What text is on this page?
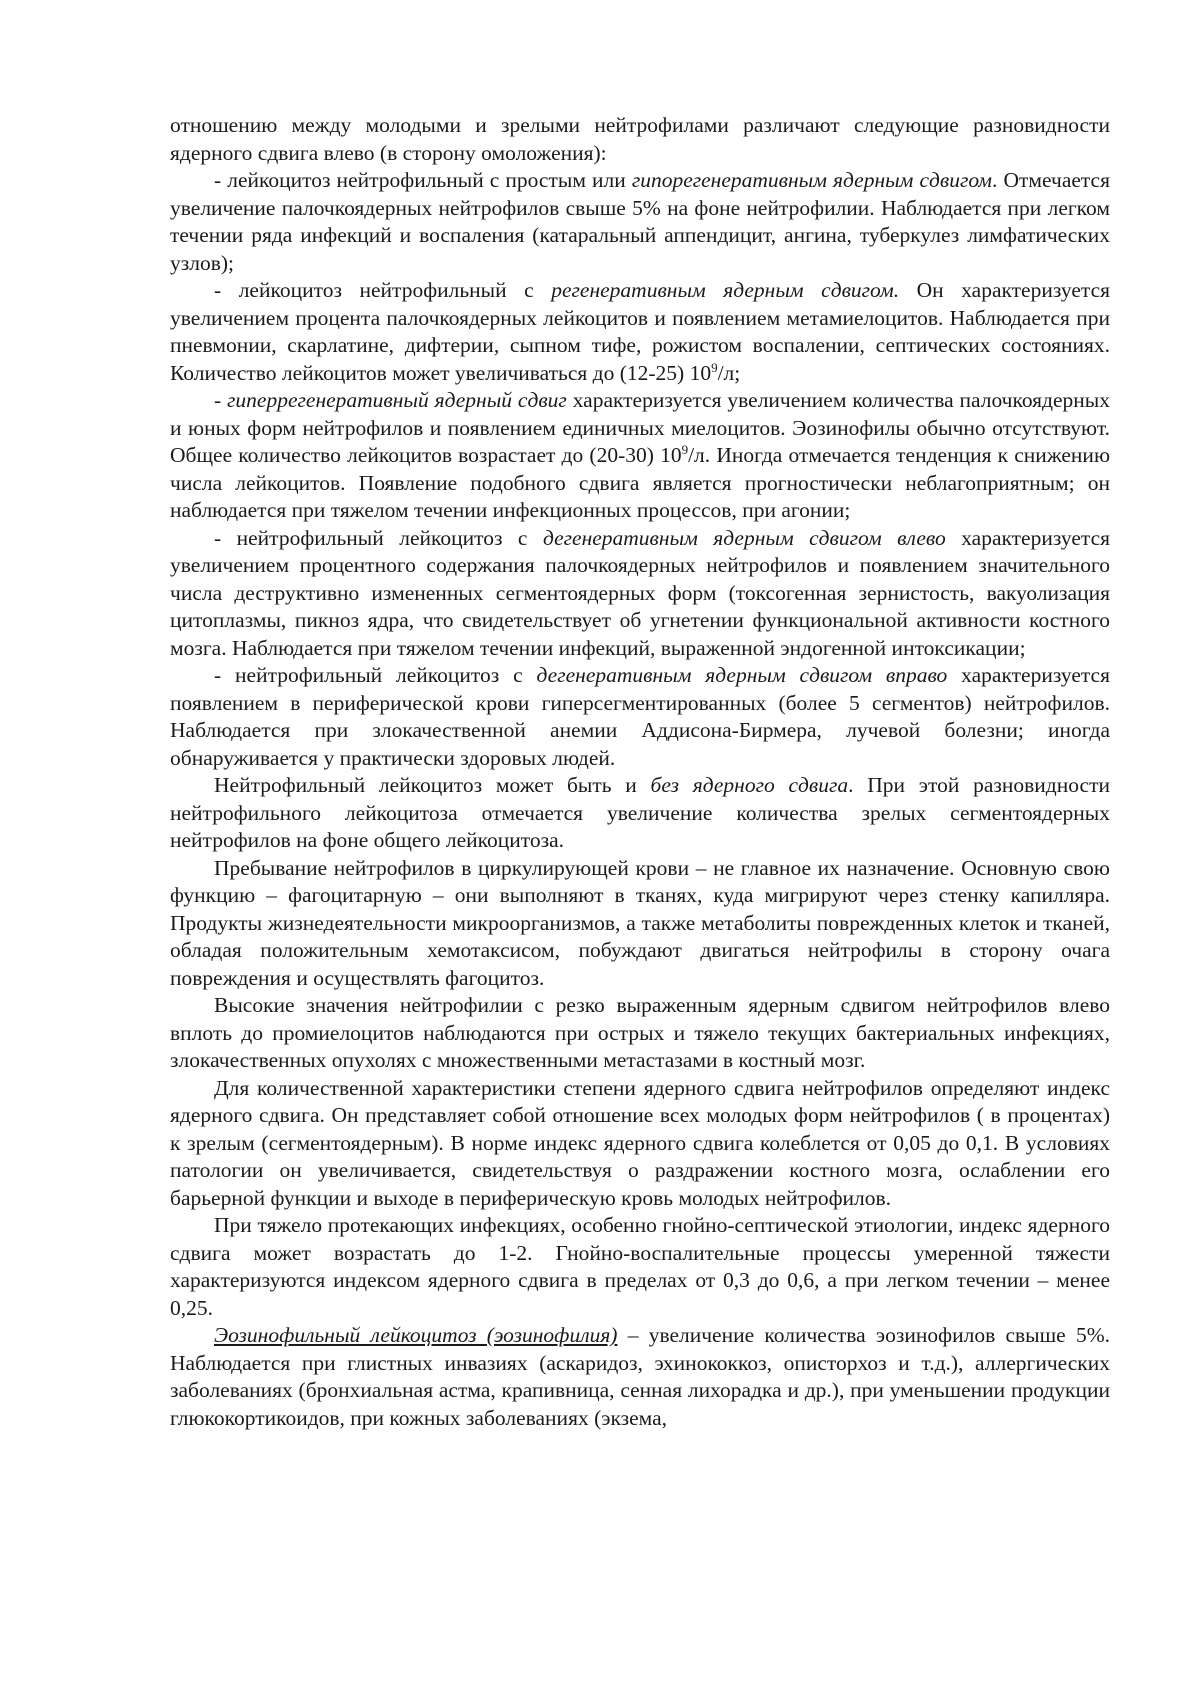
отношению между молодыми и зрелыми нейтрофилами различают следующие разновидности ядерного сдвига влево (в сторону омоложения):

- лейкоцитоз нейтрофильный с простым или гипорегенеративным ядерным сдвигом. Отмечается увеличение палочкоядерных нейтрофилов свыше 5% на фоне нейтрофилии. Наблюдается при легком течении ряда инфекций и воспаления (катаральный аппендицит, ангина, туберкулез лимфатических узлов);

- лейкоцитоз нейтрофильный с регенеративным ядерным сдвигом. Он характеризуется увеличением процента палочкоядерных лейкоцитов и появлением метамиелоцитов. Наблюдается при пневмонии, скарлатине, дифтерии, сыпном тифе, рожистом воспалении, септических состояниях. Количество лейкоцитов может увеличиваться до (12-25) $10^9/л$;

- гиперрегенеративный ядерный сдвиг характеризуется увеличением количества палочкоядерных и юных форм нейтрофилов и появлением единичных миелоцитов. Эозинофилы обычно отсутствуют. Общее количество лейкоцитов возрастает до (20-30) $10^9/л$. Иногда отмечается тенденция к снижению числа лейкоцитов. Появление подобного сдвига является прогностически неблагоприятным; он наблюдается при тяжелом течении инфекционных процессов, при агонии;

- нейтрофильный лейкоцитоз с дегенеративным ядерным сдвигом влево характеризуется увеличением процентного содержания палочкоядерных нейтрофилов и появлением значительного числа деструктивно измененных сегментоядерных форм (токсогенная зернистость, вакуолизация цитоплазмы, пикноз ядра, что свидетельствует об угнетении функциональной активности костного мозга. Наблюдается при тяжелом течении инфекций, выраженной эндогенной интоксикации;

- нейтрофильный лейкоцитоз с дегенеративным ядерным сдвигом вправо характеризуется появлением в периферической крови гиперсегментированных (более 5 сегментов) нейтрофилов. Наблюдается при злокачественной анемии Аддисона-Бирмера, лучевой болезни; иногда обнаруживается у практически здоровых людей.

Нейтрофильный лейкоцитоз может быть и без ядерного сдвига. При этой разновидности нейтрофильного лейкоцитоза отмечается увеличение количества зрелых сегментоядерных нейтрофилов на фоне общего лейкоцитоза.

Пребывание нейтрофилов в циркулирующей крови – не главное их назначение. Основную свою функцию – фагоцитарную – они выполняют в тканях, куда мигрируют через стенку капилляра. Продукты жизнедеятельности микроорганизмов, а также метаболиты поврежденных клеток и тканей, обладая положительным хемотаксисом, побуждают двигаться нейтрофилы в сторону очага повреждения и осуществлять фагоцитоз.

Высокие значения нейтрофилии с резко выраженным ядерным сдвигом нейтрофилов влево вплоть до промиелоцитов наблюдаются при острых и тяжело текущих бактериальных инфекциях, злокачественных опухолях с множественными метастазами в костный мозг.

Для количественной характеристики степени ядерного сдвига нейтрофилов определяют индекс ядерного сдвига. Он представляет собой отношение всех молодых форм нейтрофилов ( в процентах) к зрелым (сегментоядерным). В норме индекс ядерного сдвига колеблется от 0,05 до 0,1. В условиях патологии он увеличивается, свидетельствуя о раздражении костного мозга, ослаблении его барьерной функции и выходе в периферическую кровь молодых нейтрофилов.

При тяжело протекающих инфекциях, особенно гнойно-септической этиологии, индекс ядерного сдвига может возрастать до 1-2. Гнойно-воспалительные процессы умеренной тяжести характеризуются индексом ядерного сдвига в пределах от 0,3 до 0,6, а при легком течении – менее 0,25.

Эозинофильный лейкоцитоз (эозинофилия) – увеличение количества эозинофилов свыше 5%. Наблюдается при глистных инвазиях (аскаридоз, эхинококкоз, описторхоз и т.д.), аллергических заболеваниях (бронхиальная астма, крапивница, сенная лихорадка и др.), при уменьшении продукции глюкокортикоидов, при кожных заболеваниях (экзема,
